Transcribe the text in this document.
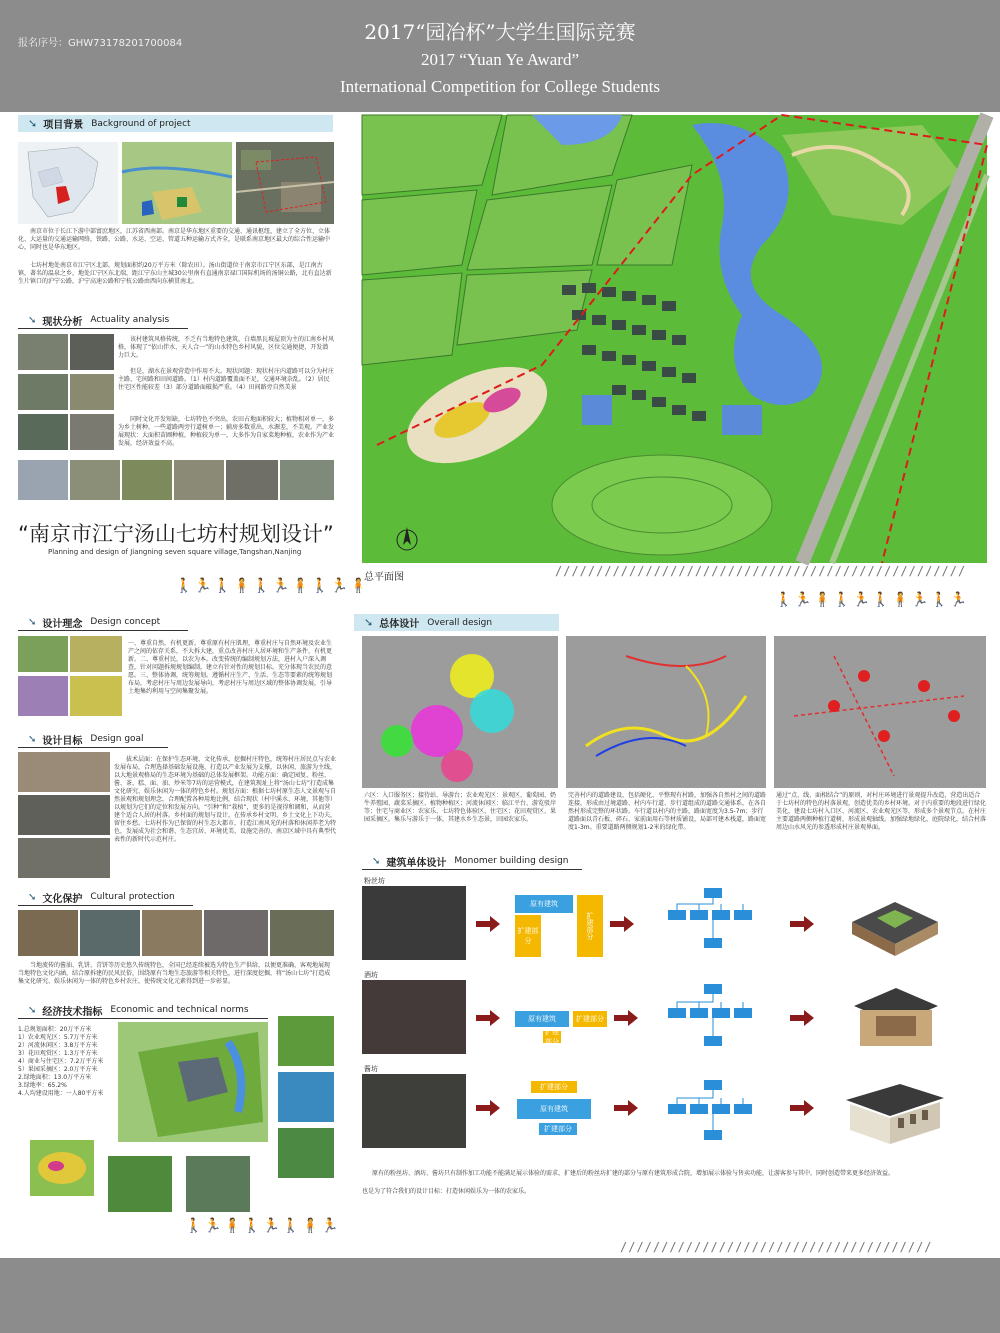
报名序号：GHW73178201700084	2017“园冶杯”大学生国际竞赛
2017 “Yuan Ye Award”
International Competition for College Students
➘ 项目背景 Background of project
南京市位于长江下游中部富庶地区，江苏省西南部。南京是华东地区重要的交通、通讯枢纽，建立了全方位、立体化、大运量的交通运输网络，铁路、公路、水运、空运、管道五种运输方式齐全，是联系南京地区最大的综合性运输中心，同时也是华东地区。
七坊村地处南京市江宁区北部，规划面积约20万平方米（除农田）。汤山街道位于南京市江宁区东部，是江南古镇，著名的温泉之乡，地处江宁区东北端，距江宁东山主城30公里南有直通南京禄口国际机场的汤铜公路，北有直达新生片镇口的沪宁公路，沪宁高速公路和宁杭公路由西向东横贯南北。
➘ 现状分析 Actuality analysis
该村建筑风格传统，不乏有当地特色建筑，白墙黑瓦坡屋顶为主的江南乡村风格，体现了“依山伴水、天人合一”的山水特色乡村风貌，区位交通便捷，开发潜力巨大。
但是，湖水在景观营造中作用不大。现状问题：现状村庄内道路可以分为村庄主路、宅间路和田间道路。（1）村内道路覆盖面不足，交通环境杂乱。（2）居民住宅区性能较差（3）部分道路面破损严重。（4）田间路旁自然美景
同时文化开发短缺，七坊特色不突出，农田占地面积较大；植物相对单一，多为乡土树种，一些道路两旁行道树单一；辅房多数重出，水源差，不美观。产业发展现状：大面积苗圃种植，种植较为单一，大多作为自家菜地种植，农业作为产业发展，经济效益不高。
“南京市江宁汤山七坊村规划设计”
Planning and design of Jiangning seven square village,Tangshan,Nanjing
🚶🏃🚶🧍🚶🏃🧍🚶🏃🧍
➘ 设计理念 Design concept
一、尊重自然，有机更新。尊重原有村庄肌理，尊重村庄与自然环境及农业生产之间的依存关系，不大拆大建，重点改善村庄人居环境和生产条件，有机更新。二、尊重村民，以农为本。改变传统的编制规划方法，进村入户深入调查，针对问题拆规规划编制，建立有针对性的规划目标。充分体现当农民的意愿。三、整体协调，统筹规划。遵循村庄生产、生活、生态等要素的统筹规划布局，考虑村庄与周边发展导向，考虑村庄与周边区域的整体协调发展，引导土地集约利用与空间集聚发展。
➘ 设计目标 Design goal
拔术层面：在保护生态环境、文化传承，挖掘村庄特色，统筹村庄居民点与农业发展布局，合理选择基础发展设施，打造以产业发展为支撑，以休闲、旅游为主线，以大地景观格局的生态环境为基础的总体发展框架。功能方面：确定园复、粉丝、酱、茶、糕、面、油、炒米等7坊的运营模式，在建筑现址上将“汤山七坊”打造成集文化研究、娱乐休闲为一体的特色乡村。规划方面：根据七坊村原生态人文景观与自然景观和规划理念，合理配置各种用地比例，结合现状（村中溪水、环境、其他等）以规划为它们的定位和发展方向。“引种”和“栽植”，更多的是视得和调和，从而营建个适合人居的村落。乡村面的规划与设计，在传承乡村文明、乡土文化上下功夫，留住乡愁。七坊村作为已保留的村生态大都市，打造江南风光的村落和休闲养老为特色，发展成为社会和谐、生态宜居、环境优美、设施完善的、南京区域中具有典型代表性的新时代示范村庄。
➘ 文化保护 Cultural protection
当地流传的酱油、乳饼、青饼等历史悠久传统特色，全国已经连续被选为特色生产供给，以便更准确、客观地展现当地特色文化内涵，结合原拆建的民风民俗，围绕原有当地生态旅游等相关特色，进行深度挖掘，将“汤山七坊”打造成集文化研究、娱乐休闲为一体的特色乡村农庄，使传统文化元素得到进一步彰显。
➘ 经济技术指标 Economic and technical norms
1.总规划面积：20万平方米
1）农业观光区：5.7万平方米
2）河流休闲区：3.8万平方米
3）花田观赏区：1.3万平方米
4）商业与住宅区：7.2万平方米
5）果园采摘区：2.0万平方米
2.绿地面积：13.0万平方米
3.绿地率：65.2%
4.人均建设用地：一人80平方米
🚶🏃🧍🚶🏃🚶🧍🏃
总平面图	//////////////////////////////////////////////////
🚶🏃🧍🚶🏃🚶🧍🏃🚶🏃
➘ 总体设计 Overall design
六区：入口服务区；接待站、导游台；农业观光区：景观区、葡萄园、奶牛养殖园、蔬菜采摘区、植物种植区；河流休闲区：临江平台、游览驳岸等；住宅与商业区：农家乐、七坊特色体验区、住宅区；花田观赏区、果园采摘区。集乐与游乐于一体，其建水乡生态景，田园农家乐。
完善村内的道路建设，包括硬化、平整现有村路，加强各自然村之间的道路连接，形成由过境道路、村内车行道、步行道组成的道路交通体系，在各自然村形成完整的环状路。车行道以村内的主路，路面宽度为3.5-7m；步行道路面以青石板、碎石、家前面用石等材质铺设，局部可建木栈道，路面宽度1-3m。重要道路两侧规划1-2米的绿化带。
通过“点、线、面相结合”的原则，对村庄环境进行景观提升改造，营造出适合于七坊村的特色的村落景观，创造优美的乡村环境。对于内重要的地段进行绿化美化，建设七坊村入口区、河流区、农业观光区等，形成多个景观节点。在村庄主要道路两侧种植行道树，形成景观轴线。加强绿地绿化，庭院绿化，结合村落周边山水风光的参透形成村庄景观界面。
➘ 建筑单体设计 Monomer building design
粉丝坊
原有建筑
扩建部分
扩建部分
酒坊
原有建筑	扩建部分
扩建部分
酱坊
扩建部分
原有建筑
扩建部分
原有的粉丝坊、酒坊、酱坊只有制作加工功能不能满足展示体验的需求，扩建后的粉丝坊扩建的部分与原有建筑形成合院，增加展示体验与售卖功能，让游客参与其中，同时创造带来更多经济效益。
也是为了符合我们的设计目标：打造休闲娱乐为一体的农家乐。
//////////////////////////////////////
